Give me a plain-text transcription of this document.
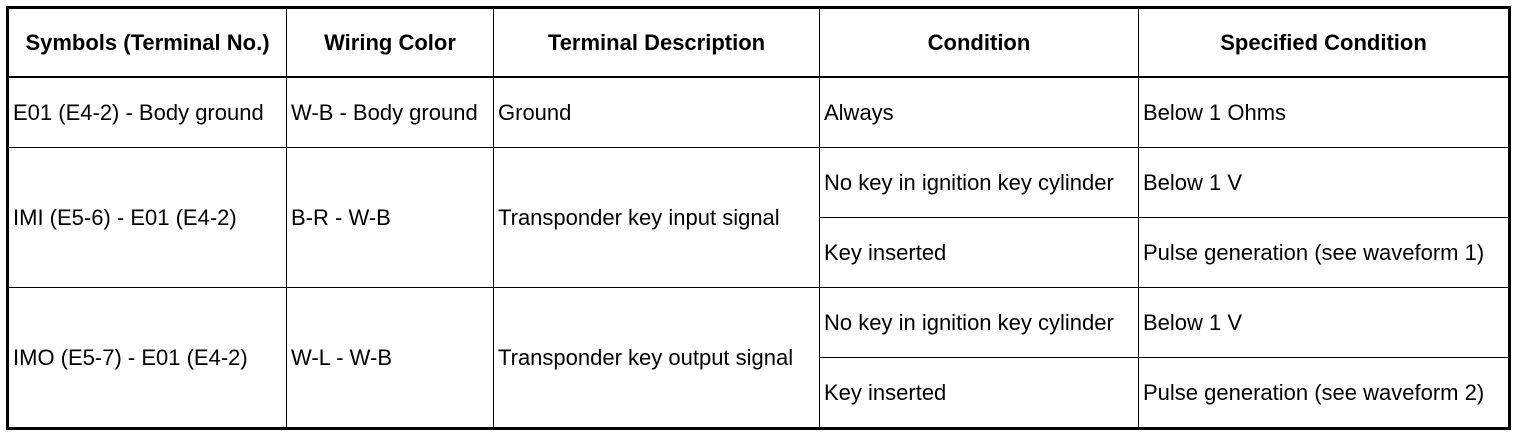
Symbols (Terminal No.)	Wiring Color	Terminal Description	Condition	Specified Condition
E01 (E4-2) - Body ground	W-B - Body ground	Ground	Always	Below 1 Ohms
IMI (E5-6) - E01 (E4-2)	B-R - W-B	Transponder key input signal	No key in ignition key cylinder	Below 1 V
			Key inserted	Pulse generation (see waveform 1)
IMO (E5-7) - E01 (E4-2)	W-L - W-B	Transponder key output signal	No key in ignition key cylinder	Below 1 V
			Key inserted	Pulse generation (see waveform 2)
